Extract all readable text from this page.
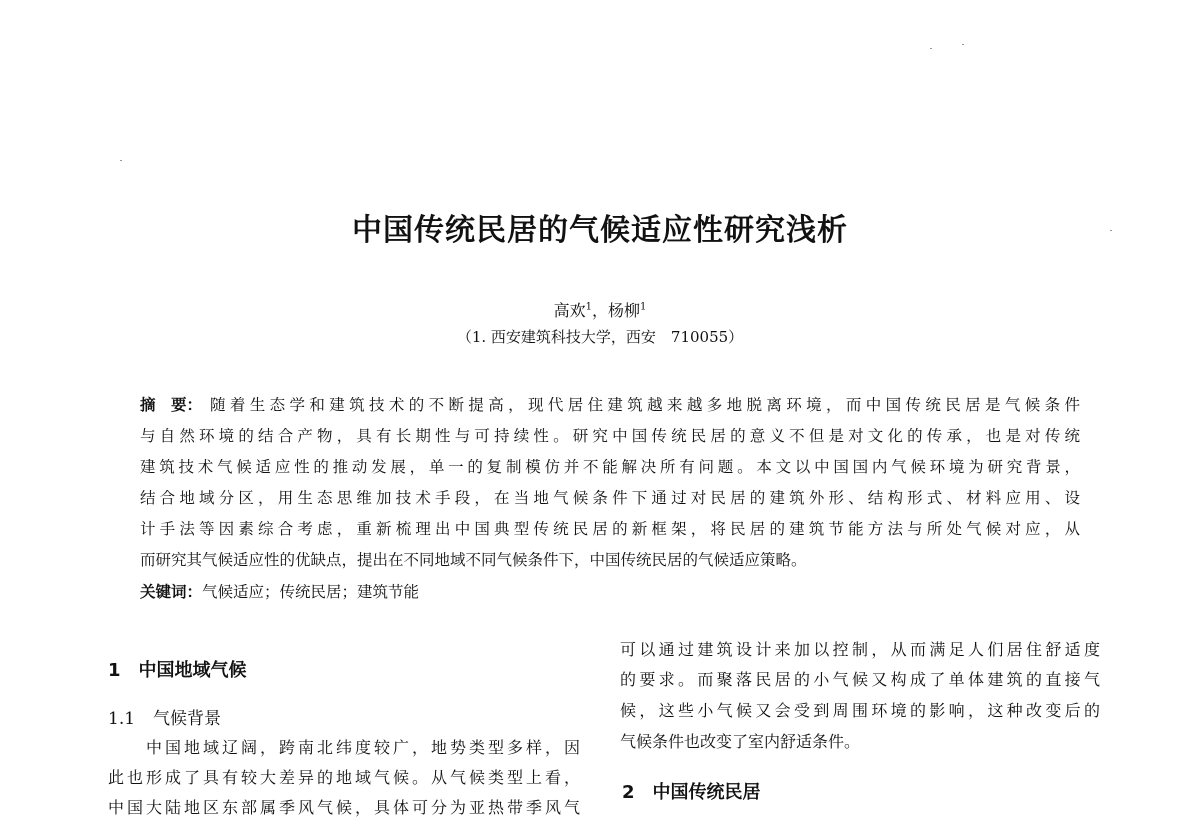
中国传统民居的气候适应性研究浅析
高欢$^1$，杨柳$^1$
（1. 西安建筑科技大学，西安　710055）
摘　要： 随着生态学和建筑技术的不断提高，现代居住建筑越来越多地脱离环境，而中国传统民居是气候条件
与自然环境的结合产物，具有长期性与可持续性。研究中国传统民居的意义不但是对文化的传承，也是对传统
建筑技术气候适应性的推动发展，单一的复制模仿并不能解决所有问题。本文以中国国内气候环境为研究背景，
结合地域分区，用生态思维加技术手段，在当地气候条件下通过对民居的建筑外形、结构形式、材料应用、设
计手法等因素综合考虑，重新梳理出中国典型传统民居的新框架，将民居的建筑节能方法与所处气候对应，从
而研究其气候适应性的优缺点，提出在不同地域不同气候条件下，中国传统民居的气候适应策略。
关键词：气候适应；传统民居；建筑节能
1 中国地域气候
1.1 气候背景
　　中国地域辽阔，跨南北纬度较广，地势类型多样，因
此也形成了具有较大差异的地域气候。从气候类型上看，
中国大陆地区东部属季风气候，具体可分为亚热带季风气
可以通过建筑设计来加以控制，从而满足人们居住舒适度
的要求。而聚落民居的小气候又构成了单体建筑的直接气
候，这些小气候又会受到周围环境的影响，这种改变后的
气候条件也改变了室内舒适条件。
2 中国传统民居
